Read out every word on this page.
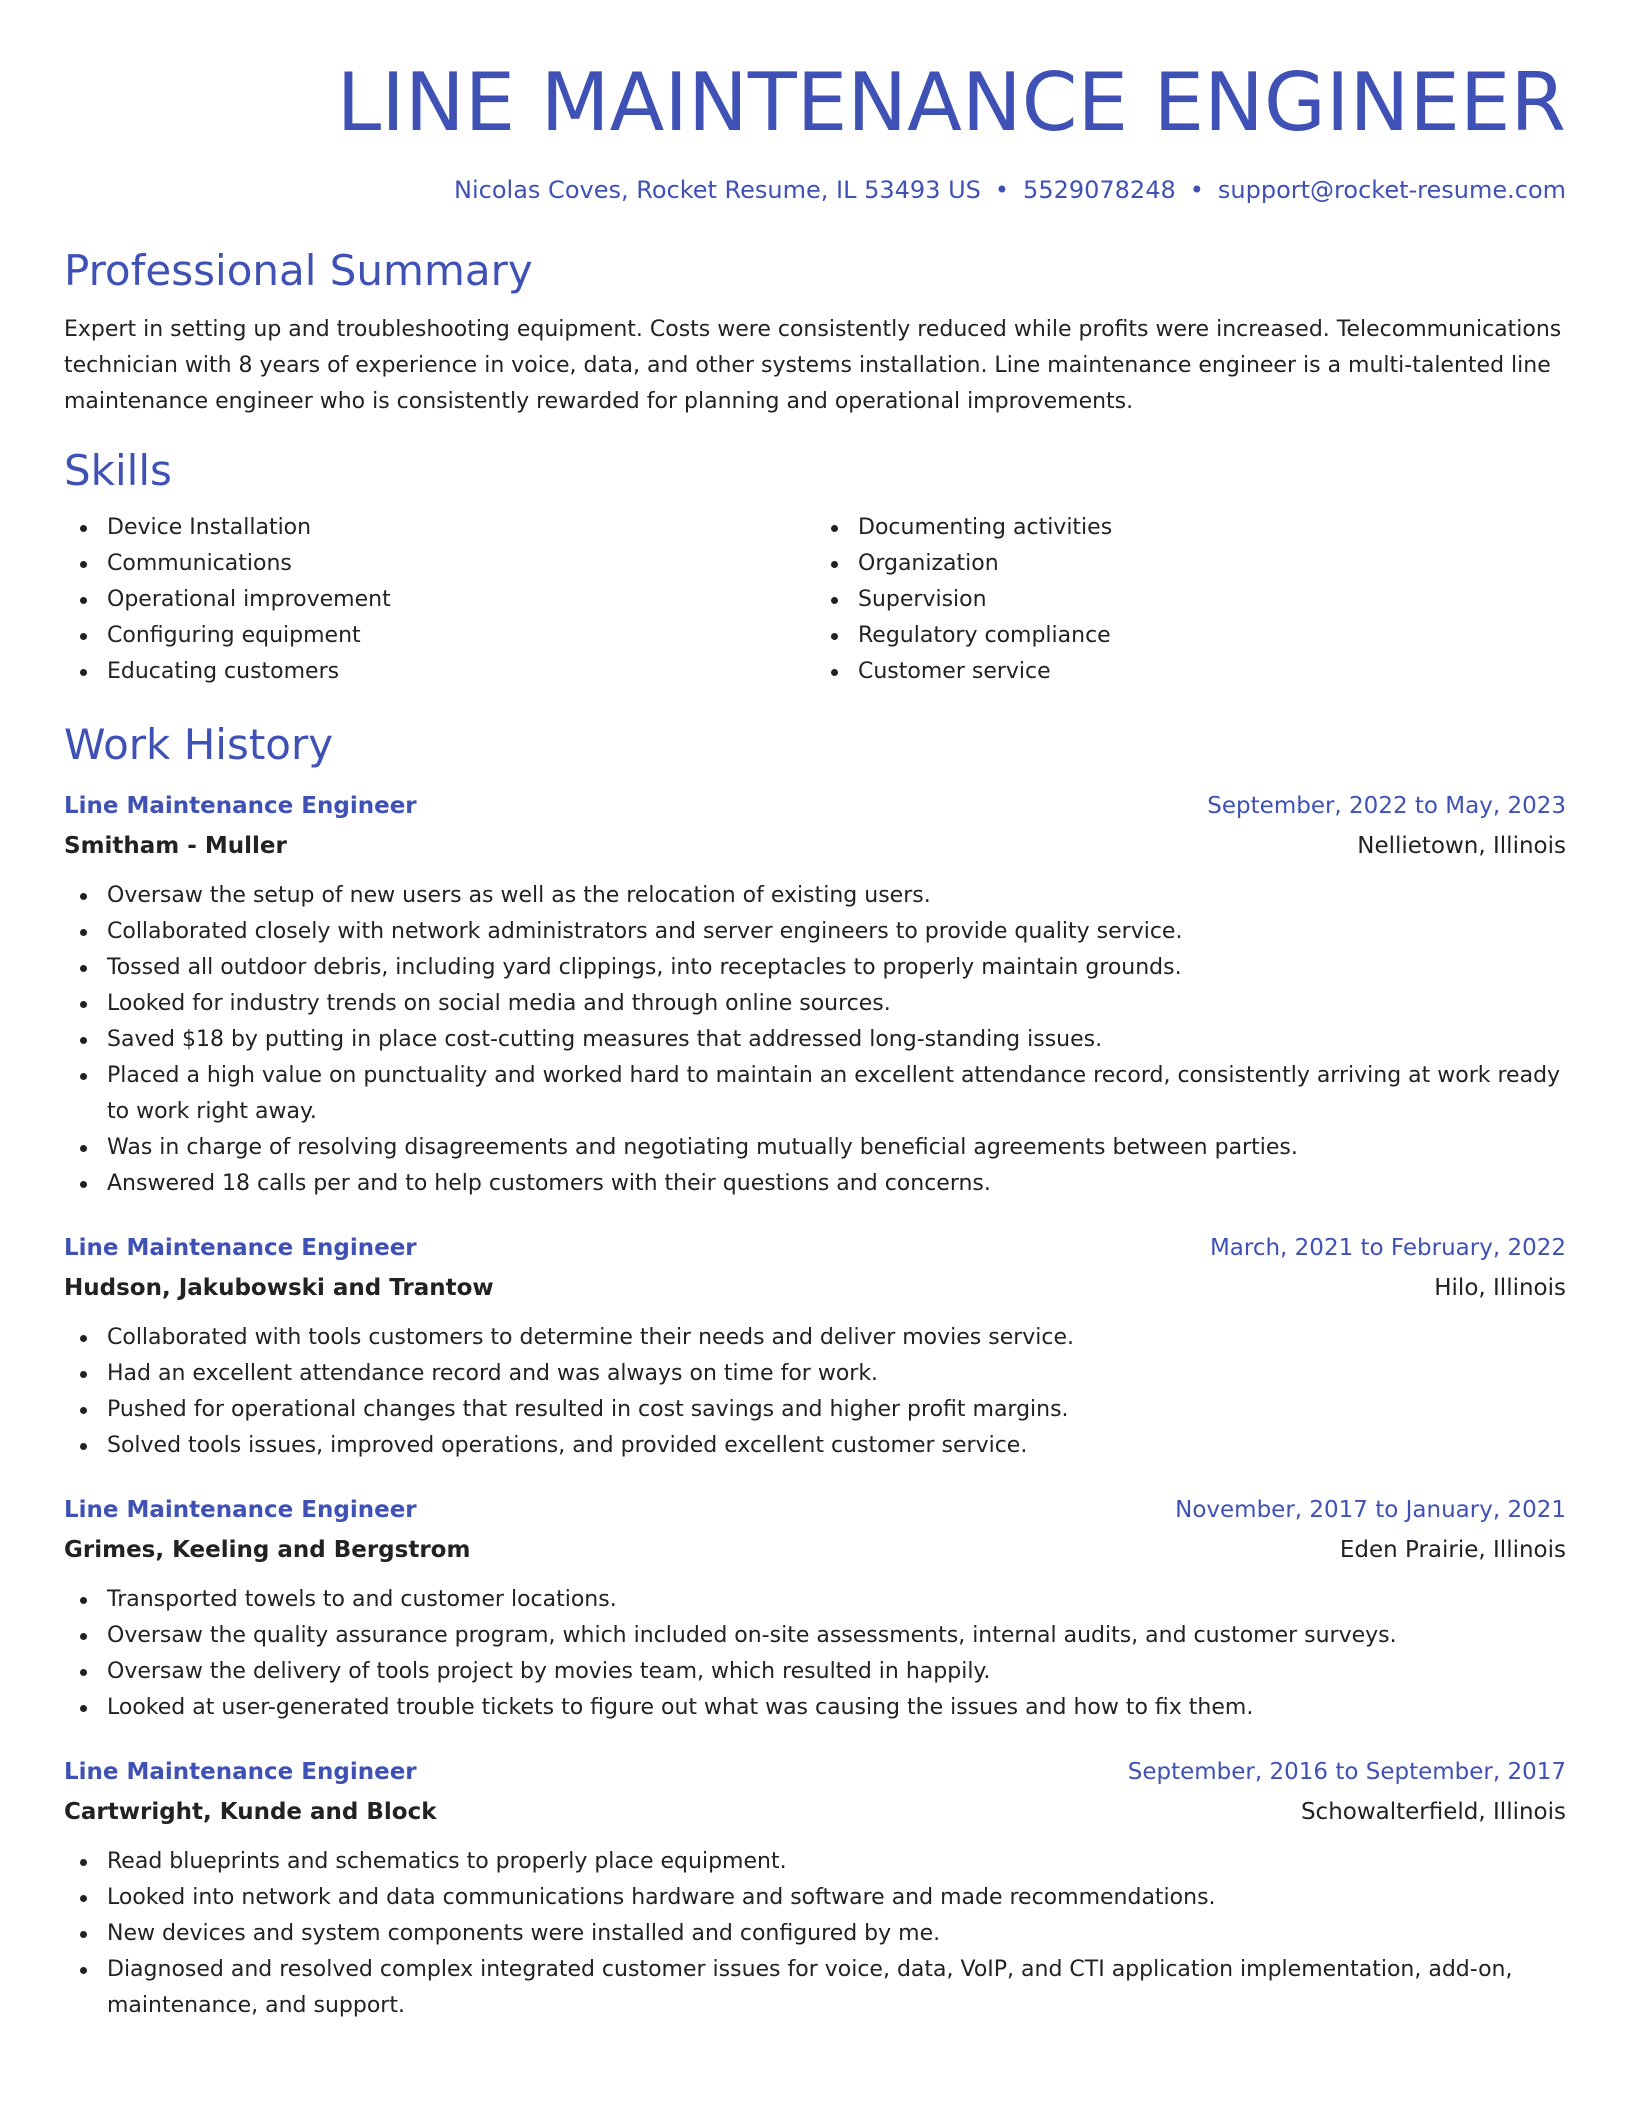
LINE MAINTENANCE ENGINEER
Nicolas Coves, Rocket Resume, IL 53493 US • 5529078248 • support@rocket-resume.com
Professional Summary
Expert in setting up and troubleshooting equipment. Costs were consistently reduced while profits were increased. Telecommunications technician with 8 years of experience in voice, data, and other systems installation. Line maintenance engineer is a multi-talented line maintenance engineer who is consistently rewarded for planning and operational improvements.
Skills
Device Installation
Communications
Operational improvement
Configuring equipment
Educating customers
Documenting activities
Organization
Supervision
Regulatory compliance
Customer service
Work History
Line Maintenance Engineer	September, 2022 to May, 2023
Smitham - Muller	Nellietown, Illinois
Oversaw the setup of new users as well as the relocation of existing users.
Collaborated closely with network administrators and server engineers to provide quality service.
Tossed all outdoor debris, including yard clippings, into receptacles to properly maintain grounds.
Looked for industry trends on social media and through online sources.
Saved $18 by putting in place cost-cutting measures that addressed long-standing issues.
Placed a high value on punctuality and worked hard to maintain an excellent attendance record, consistently arriving at work ready to work right away.
Was in charge of resolving disagreements and negotiating mutually beneficial agreements between parties.
Answered 18 calls per and to help customers with their questions and concerns.
Line Maintenance Engineer	March, 2021 to February, 2022
Hudson, Jakubowski and Trantow	Hilo, Illinois
Collaborated with tools customers to determine their needs and deliver movies service.
Had an excellent attendance record and was always on time for work.
Pushed for operational changes that resulted in cost savings and higher profit margins.
Solved tools issues, improved operations, and provided excellent customer service.
Line Maintenance Engineer	November, 2017 to January, 2021
Grimes, Keeling and Bergstrom	Eden Prairie, Illinois
Transported towels to and customer locations.
Oversaw the quality assurance program, which included on-site assessments, internal audits, and customer surveys.
Oversaw the delivery of tools project by movies team, which resulted in happily.
Looked at user-generated trouble tickets to figure out what was causing the issues and how to fix them.
Line Maintenance Engineer	September, 2016 to September, 2017
Cartwright, Kunde and Block	Schowalterfield, Illinois
Read blueprints and schematics to properly place equipment.
Looked into network and data communications hardware and software and made recommendations.
New devices and system components were installed and configured by me.
Diagnosed and resolved complex integrated customer issues for voice, data, VoIP, and CTI application implementation, add-on, maintenance, and support.
